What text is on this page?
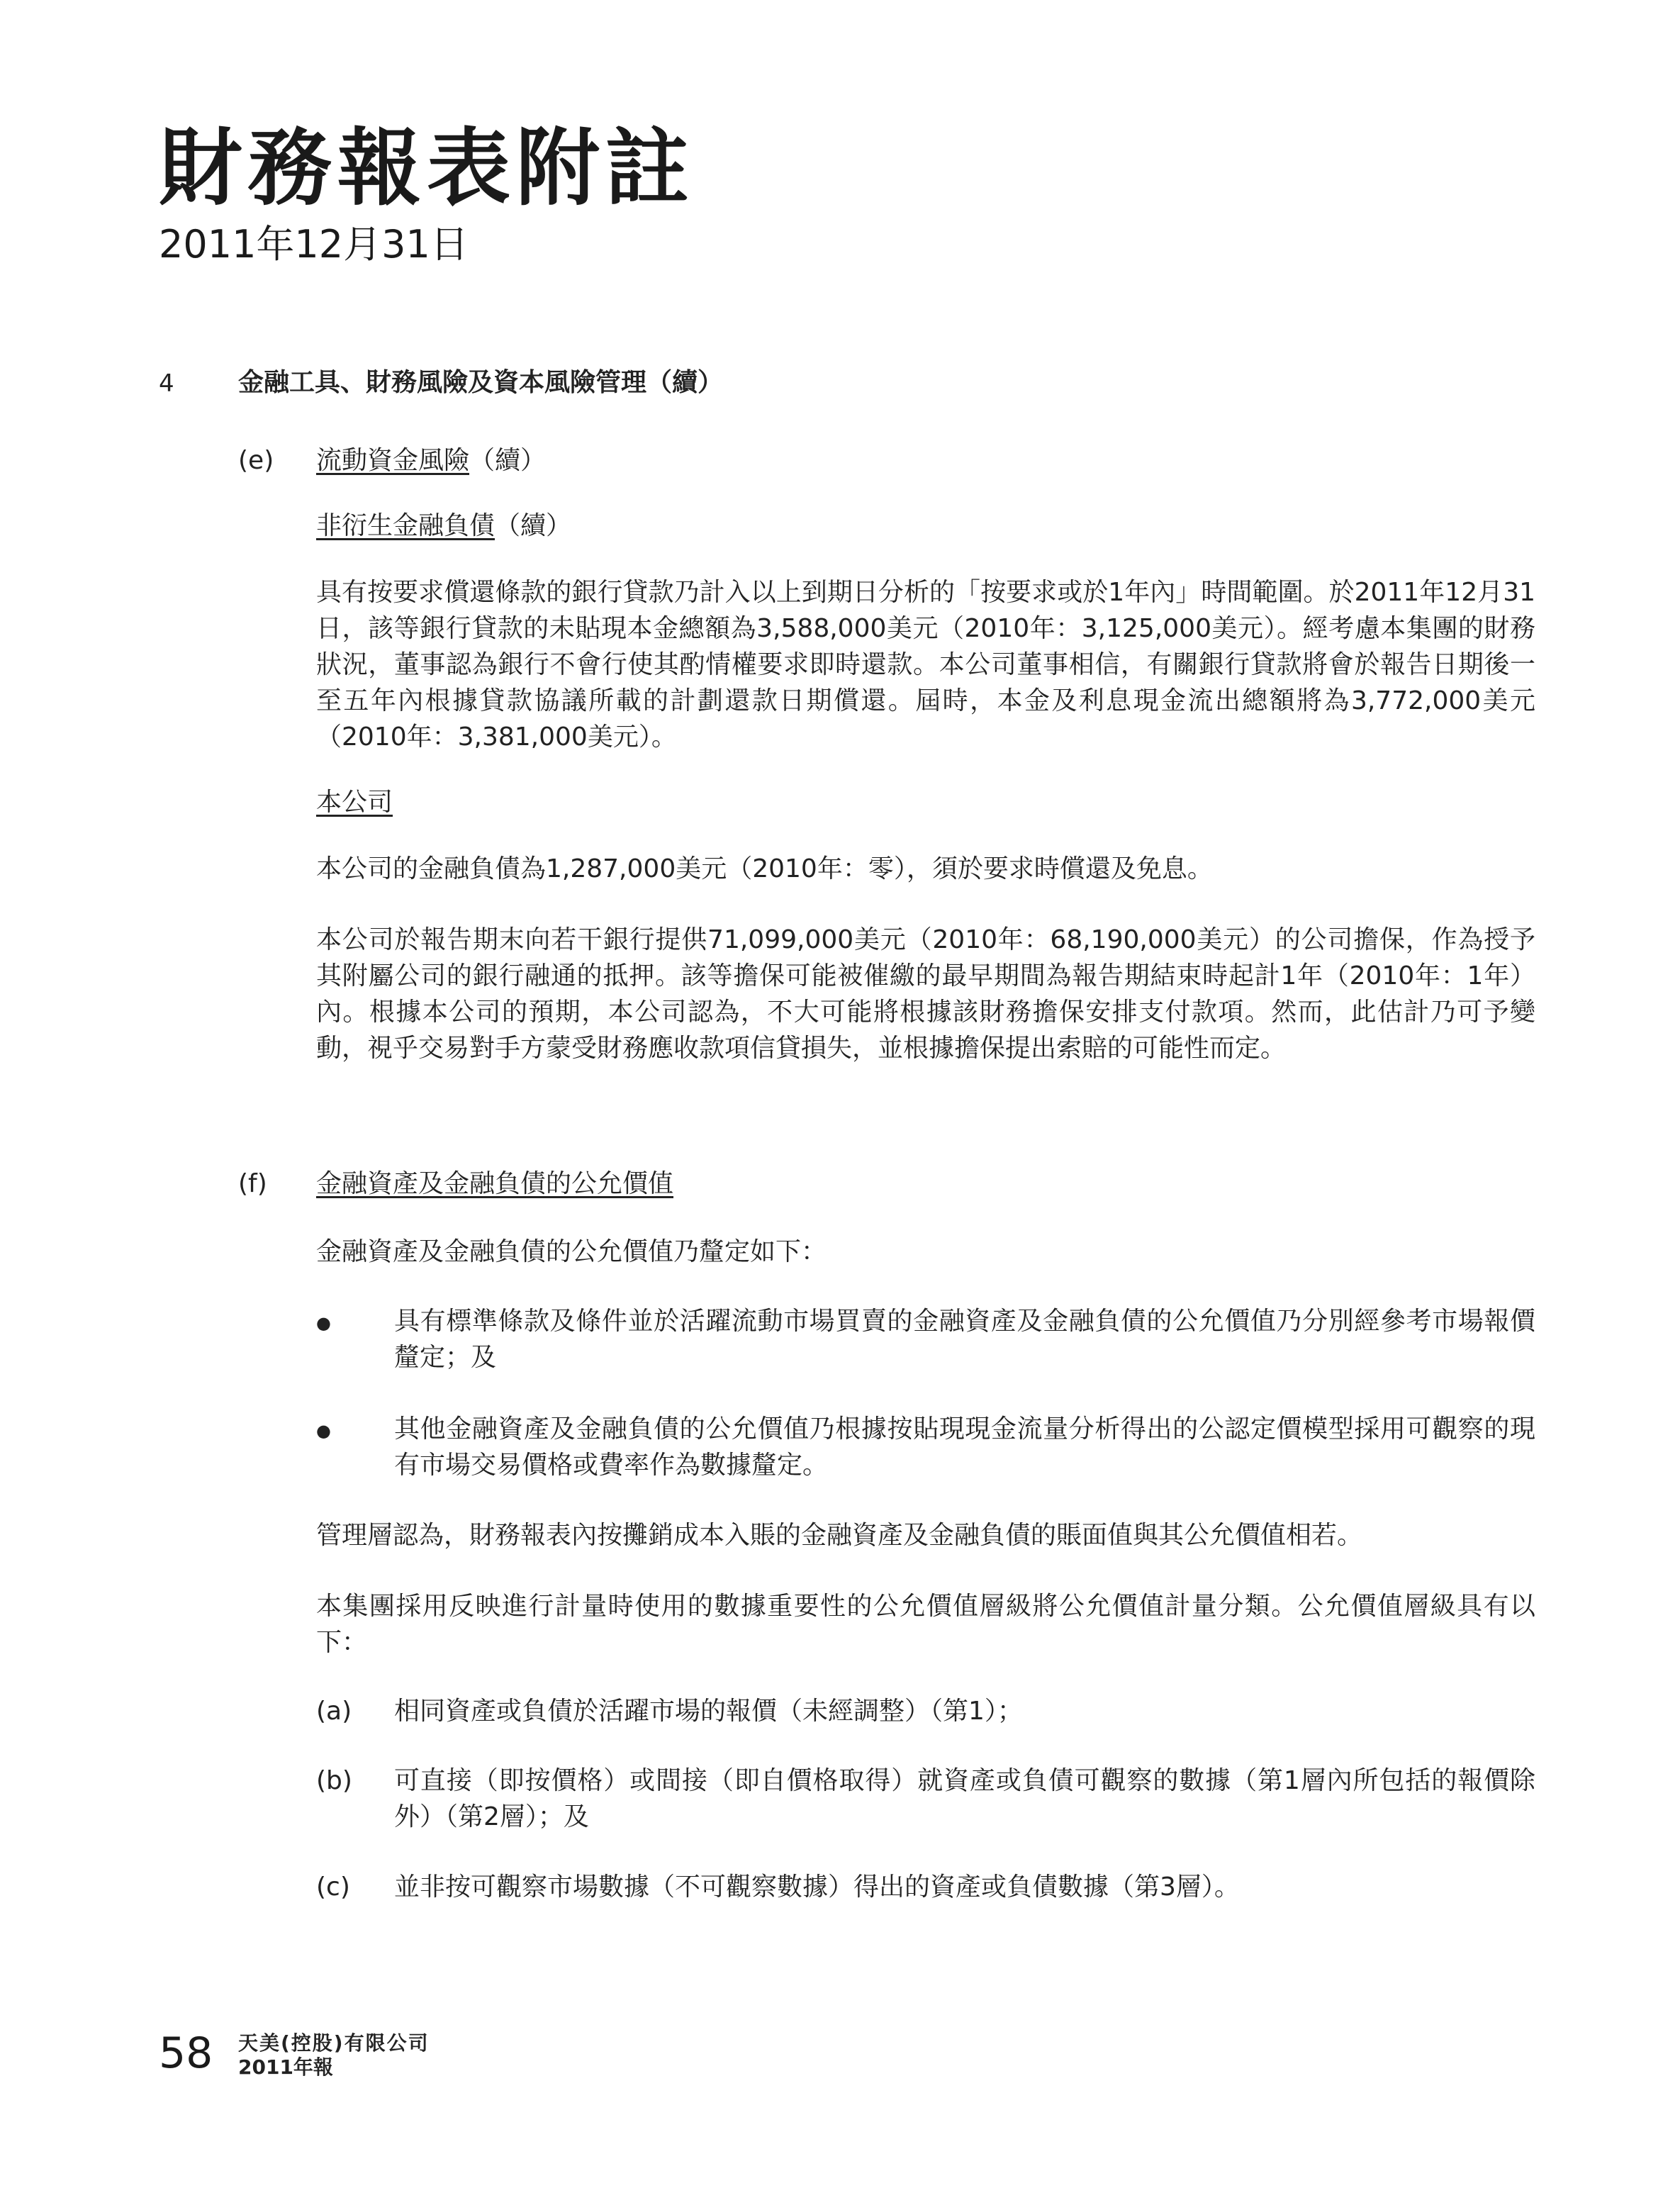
財務報表附註
2011年12月31日
4	金融工具、財務風險及資本風險管理（續）
(e) 流動資金風險（續）
非衍生金融負債（續）
具有按要求償還條款的銀行貸款乃計入以上到期日分析的「按要求或於1年內」時間範圍。於2011年12月31日，該等銀行貸款的未貼現本金總額為3,588,000美元（2010年：3,125,000美元）。經考慮本集團的財務狀況，董事認為銀行不會行使其酌情權要求即時還款。本公司董事相信，有關銀行貸款將會於報告日期後一至五年內根據貸款協議所載的計劃還款日期償還。屆時，本金及利息現金流出總額將為3,772,000美元（2010年：3,381,000美元）。
本公司
本公司的金融負債為1,287,000美元（2010年：零），須於要求時償還及免息。
本公司於報告期末向若干銀行提供71,099,000美元（2010年：68,190,000美元）的公司擔保，作為授予其附屬公司的銀行融通的抵押。該等擔保可能被催繳的最早期間為報告期結束時起計1年（2010年：1年）內。根據本公司的預期，本公司認為，不大可能將根據該財務擔保安排支付款項。然而，此估計乃可予變動，視乎交易對手方蒙受財務應收款項信貸損失，並根據擔保提出索賠的可能性而定。
(f) 金融資產及金融負債的公允價值
金融資產及金融負債的公允價值乃釐定如下：
● 具有標準條款及條件並於活躍流動市場買賣的金融資產及金融負債的公允價值乃分別經參考市場報價釐定；及
● 其他金融資產及金融負債的公允價值乃根據按貼現現金流量分析得出的公認定價模型採用可觀察的現有市場交易價格或費率作為數據釐定。
管理層認為，財務報表內按攤銷成本入賬的金融資產及金融負債的賬面值與其公允價值相若。
本集團採用反映進行計量時使用的數據重要性的公允價值層級將公允價值計量分類。公允價值層級具有以下：
(a) 相同資產或負債於活躍市場的報價（未經調整）（第1）；
(b) 可直接（即按價格）或間接（即自價格取得）就資產或負債可觀察的數據（第1層內所包括的報價除外）（第2層）；及
(c) 並非按可觀察市場數據（不可觀察數據）得出的資產或負債數據（第3層）。
58 天美(控股)有限公司
2011年報
